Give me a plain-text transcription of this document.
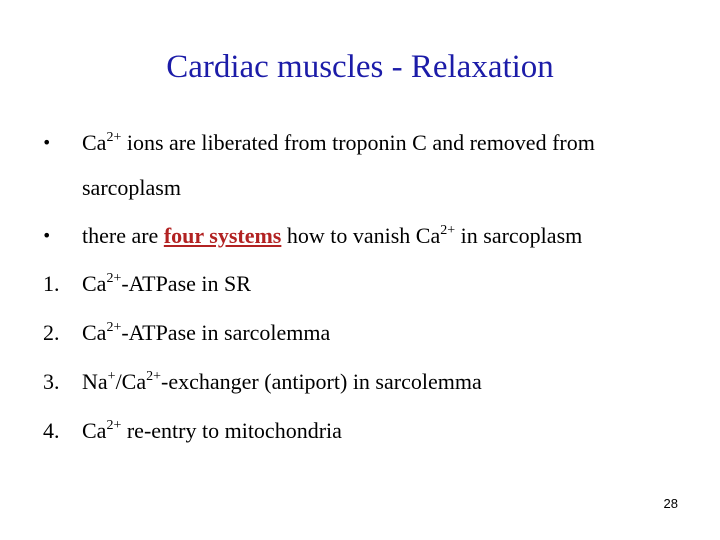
Cardiac muscles - Relaxation
• $Ca^{2+}$ ions are liberated from troponin C and removed from
sarcoplasm
• there are four systems how to vanish $Ca^{2+}$ in sarcoplasm
1. $Ca^{2+}$-ATPase in SR
2. $Ca^{2+}$-ATPase in sarcolemma
3. $Na^+/Ca^{2+}$-exchanger (antiport) in sarcolemma
4. $Ca^{2+}$ re-entry to mitochondria
28
